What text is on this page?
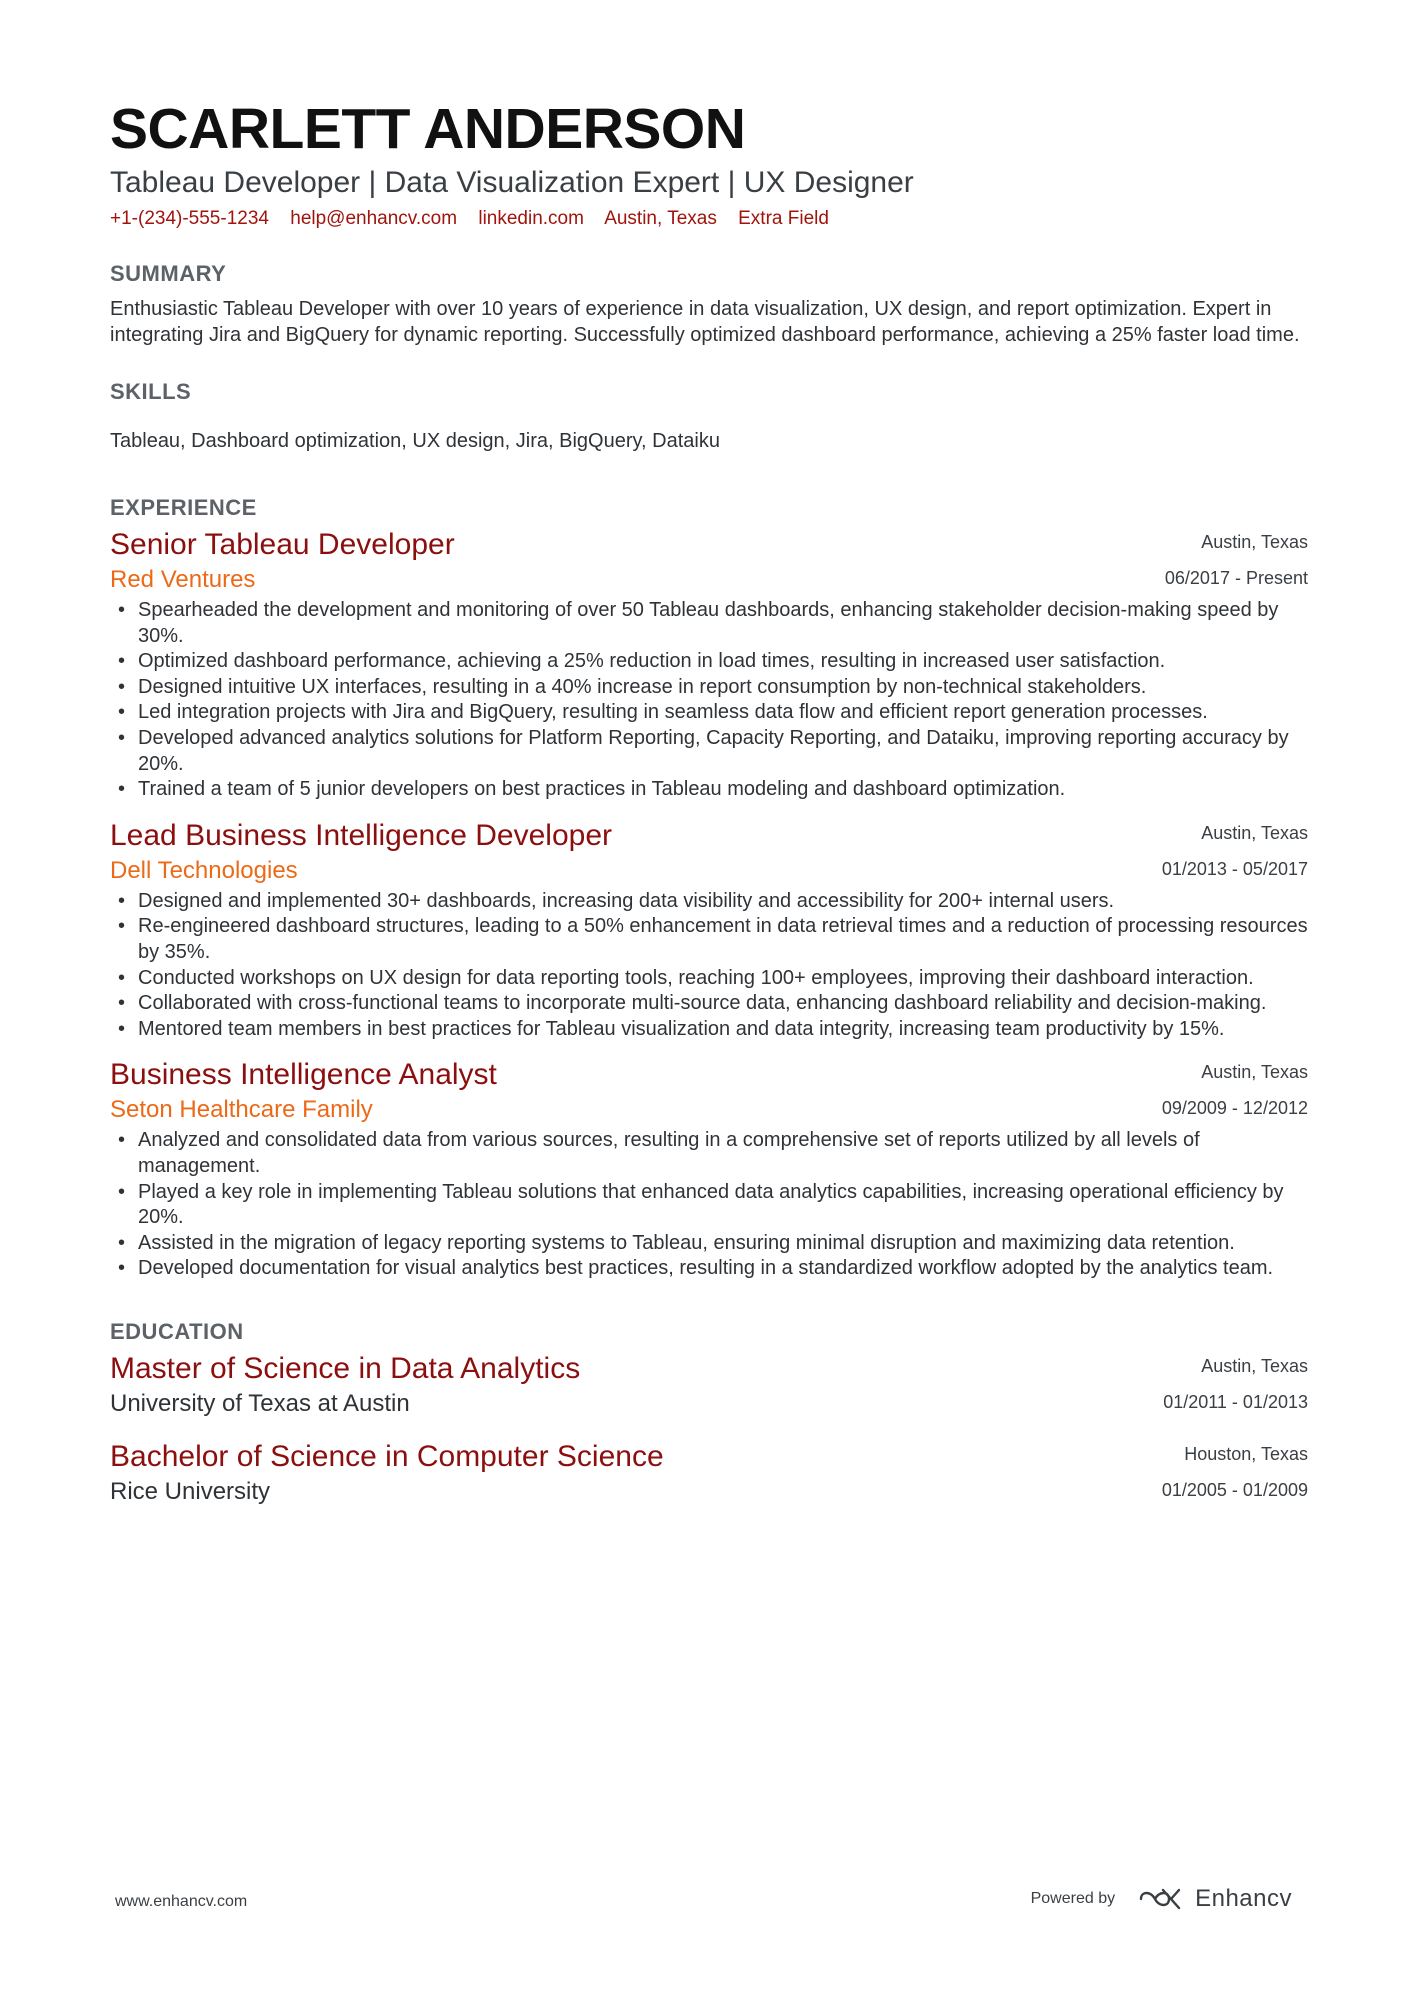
SCARLETT ANDERSON
Tableau Developer | Data Visualization Expert | UX Designer
+1-(234)-555-1234 help@enhancv.com linkedin.com Austin, Texas Extra Field
SUMMARY
Enthusiastic Tableau Developer with over 10 years of experience in data visualization, UX design, and report optimization. Expert in integrating Jira and BigQuery for dynamic reporting. Successfully optimized dashboard performance, achieving a 25% faster load time.
SKILLS
Tableau, Dashboard optimization, UX design, Jira, BigQuery, Dataiku
EXPERIENCE
Senior Tableau Developer
Red Ventures
Austin, Texas
06/2017 - Present
• Spearheaded the development and monitoring of over 50 Tableau dashboards, enhancing stakeholder decision-making speed by 30%.
• Optimized dashboard performance, achieving a 25% reduction in load times, resulting in increased user satisfaction.
• Designed intuitive UX interfaces, resulting in a 40% increase in report consumption by non-technical stakeholders.
• Led integration projects with Jira and BigQuery, resulting in seamless data flow and efficient report generation processes.
• Developed advanced analytics solutions for Platform Reporting, Capacity Reporting, and Dataiku, improving reporting accuracy by 20%.
• Trained a team of 5 junior developers on best practices in Tableau modeling and dashboard optimization.
Lead Business Intelligence Developer
Dell Technologies
Austin, Texas
01/2013 - 05/2017
• Designed and implemented 30+ dashboards, increasing data visibility and accessibility for 200+ internal users.
• Re-engineered dashboard structures, leading to a 50% enhancement in data retrieval times and a reduction of processing resources by 35%.
• Conducted workshops on UX design for data reporting tools, reaching 100+ employees, improving their dashboard interaction.
• Collaborated with cross-functional teams to incorporate multi-source data, enhancing dashboard reliability and decision-making.
• Mentored team members in best practices for Tableau visualization and data integrity, increasing team productivity by 15%.
Business Intelligence Analyst
Seton Healthcare Family
Austin, Texas
09/2009 - 12/2012
• Analyzed and consolidated data from various sources, resulting in a comprehensive set of reports utilized by all levels of management.
• Played a key role in implementing Tableau solutions that enhanced data analytics capabilities, increasing operational efficiency by 20%.
• Assisted in the migration of legacy reporting systems to Tableau, ensuring minimal disruption and maximizing data retention.
• Developed documentation for visual analytics best practices, resulting in a standardized workflow adopted by the analytics team.
EDUCATION
Master of Science in Data Analytics
University of Texas at Austin
Austin, Texas
01/2011 - 01/2013
Bachelor of Science in Computer Science
Rice University
Houston, Texas
01/2005 - 01/2009
www.enhancv.com	Powered by	Enhancv
